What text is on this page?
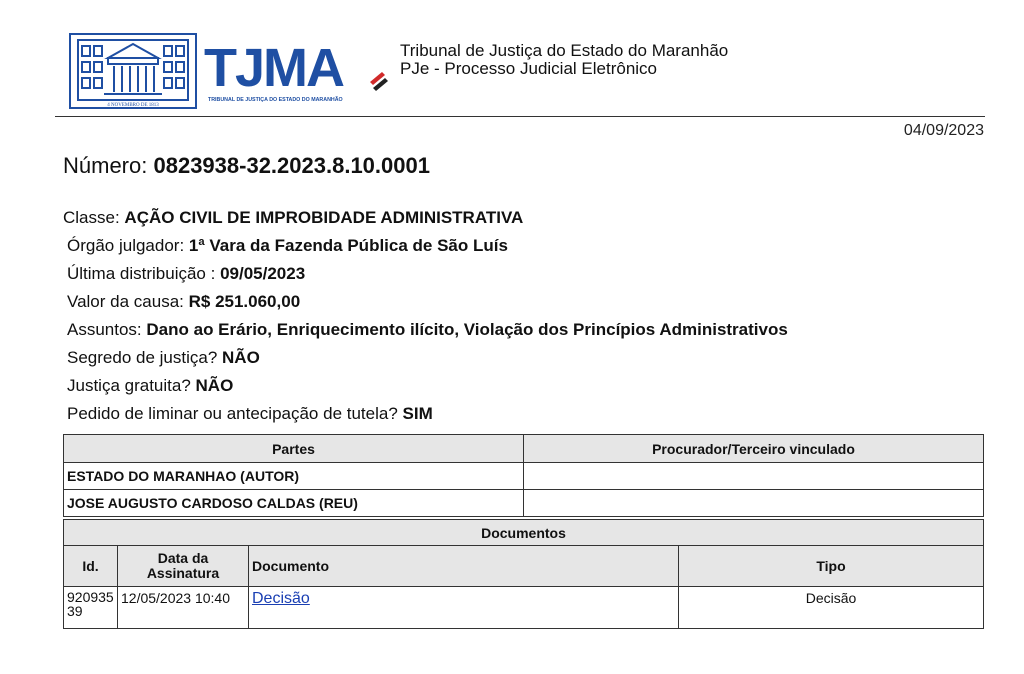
4 NOVEMBRO DE 1813
TJMA
TRIBUNAL DE JUSTIÇA DO ESTADO DO MARANHÃO
Tribunal de Justiça do Estado do Maranhão
PJe - Processo Judicial Eletrônico
04/09/2023
Número: 0823938-32.2023.8.10.0001
Classe: AÇÃO CIVIL DE IMPROBIDADE ADMINISTRATIVA
Órgão julgador: 1ª Vara da Fazenda Pública de São Luís
Última distribuição : 09/05/2023
Valor da causa: R$ 251.060,00
Assuntos: Dano ao Erário, Enriquecimento ilícito, Violação dos Princípios Administrativos
Segredo de justiça? NÃO
Justiça gratuita? NÃO
Pedido de liminar ou antecipação de tutela? SIM
Partes	Procurador/Terceiro vinculado
ESTADO DO MARANHAO (AUTOR)	
JOSE AUGUSTO CARDOSO CALDAS (REU)	
Documentos			
Id.	Data da Assinatura	Documento	Tipo
92093539	12/05/2023 10:40	Decisão	Decisão
